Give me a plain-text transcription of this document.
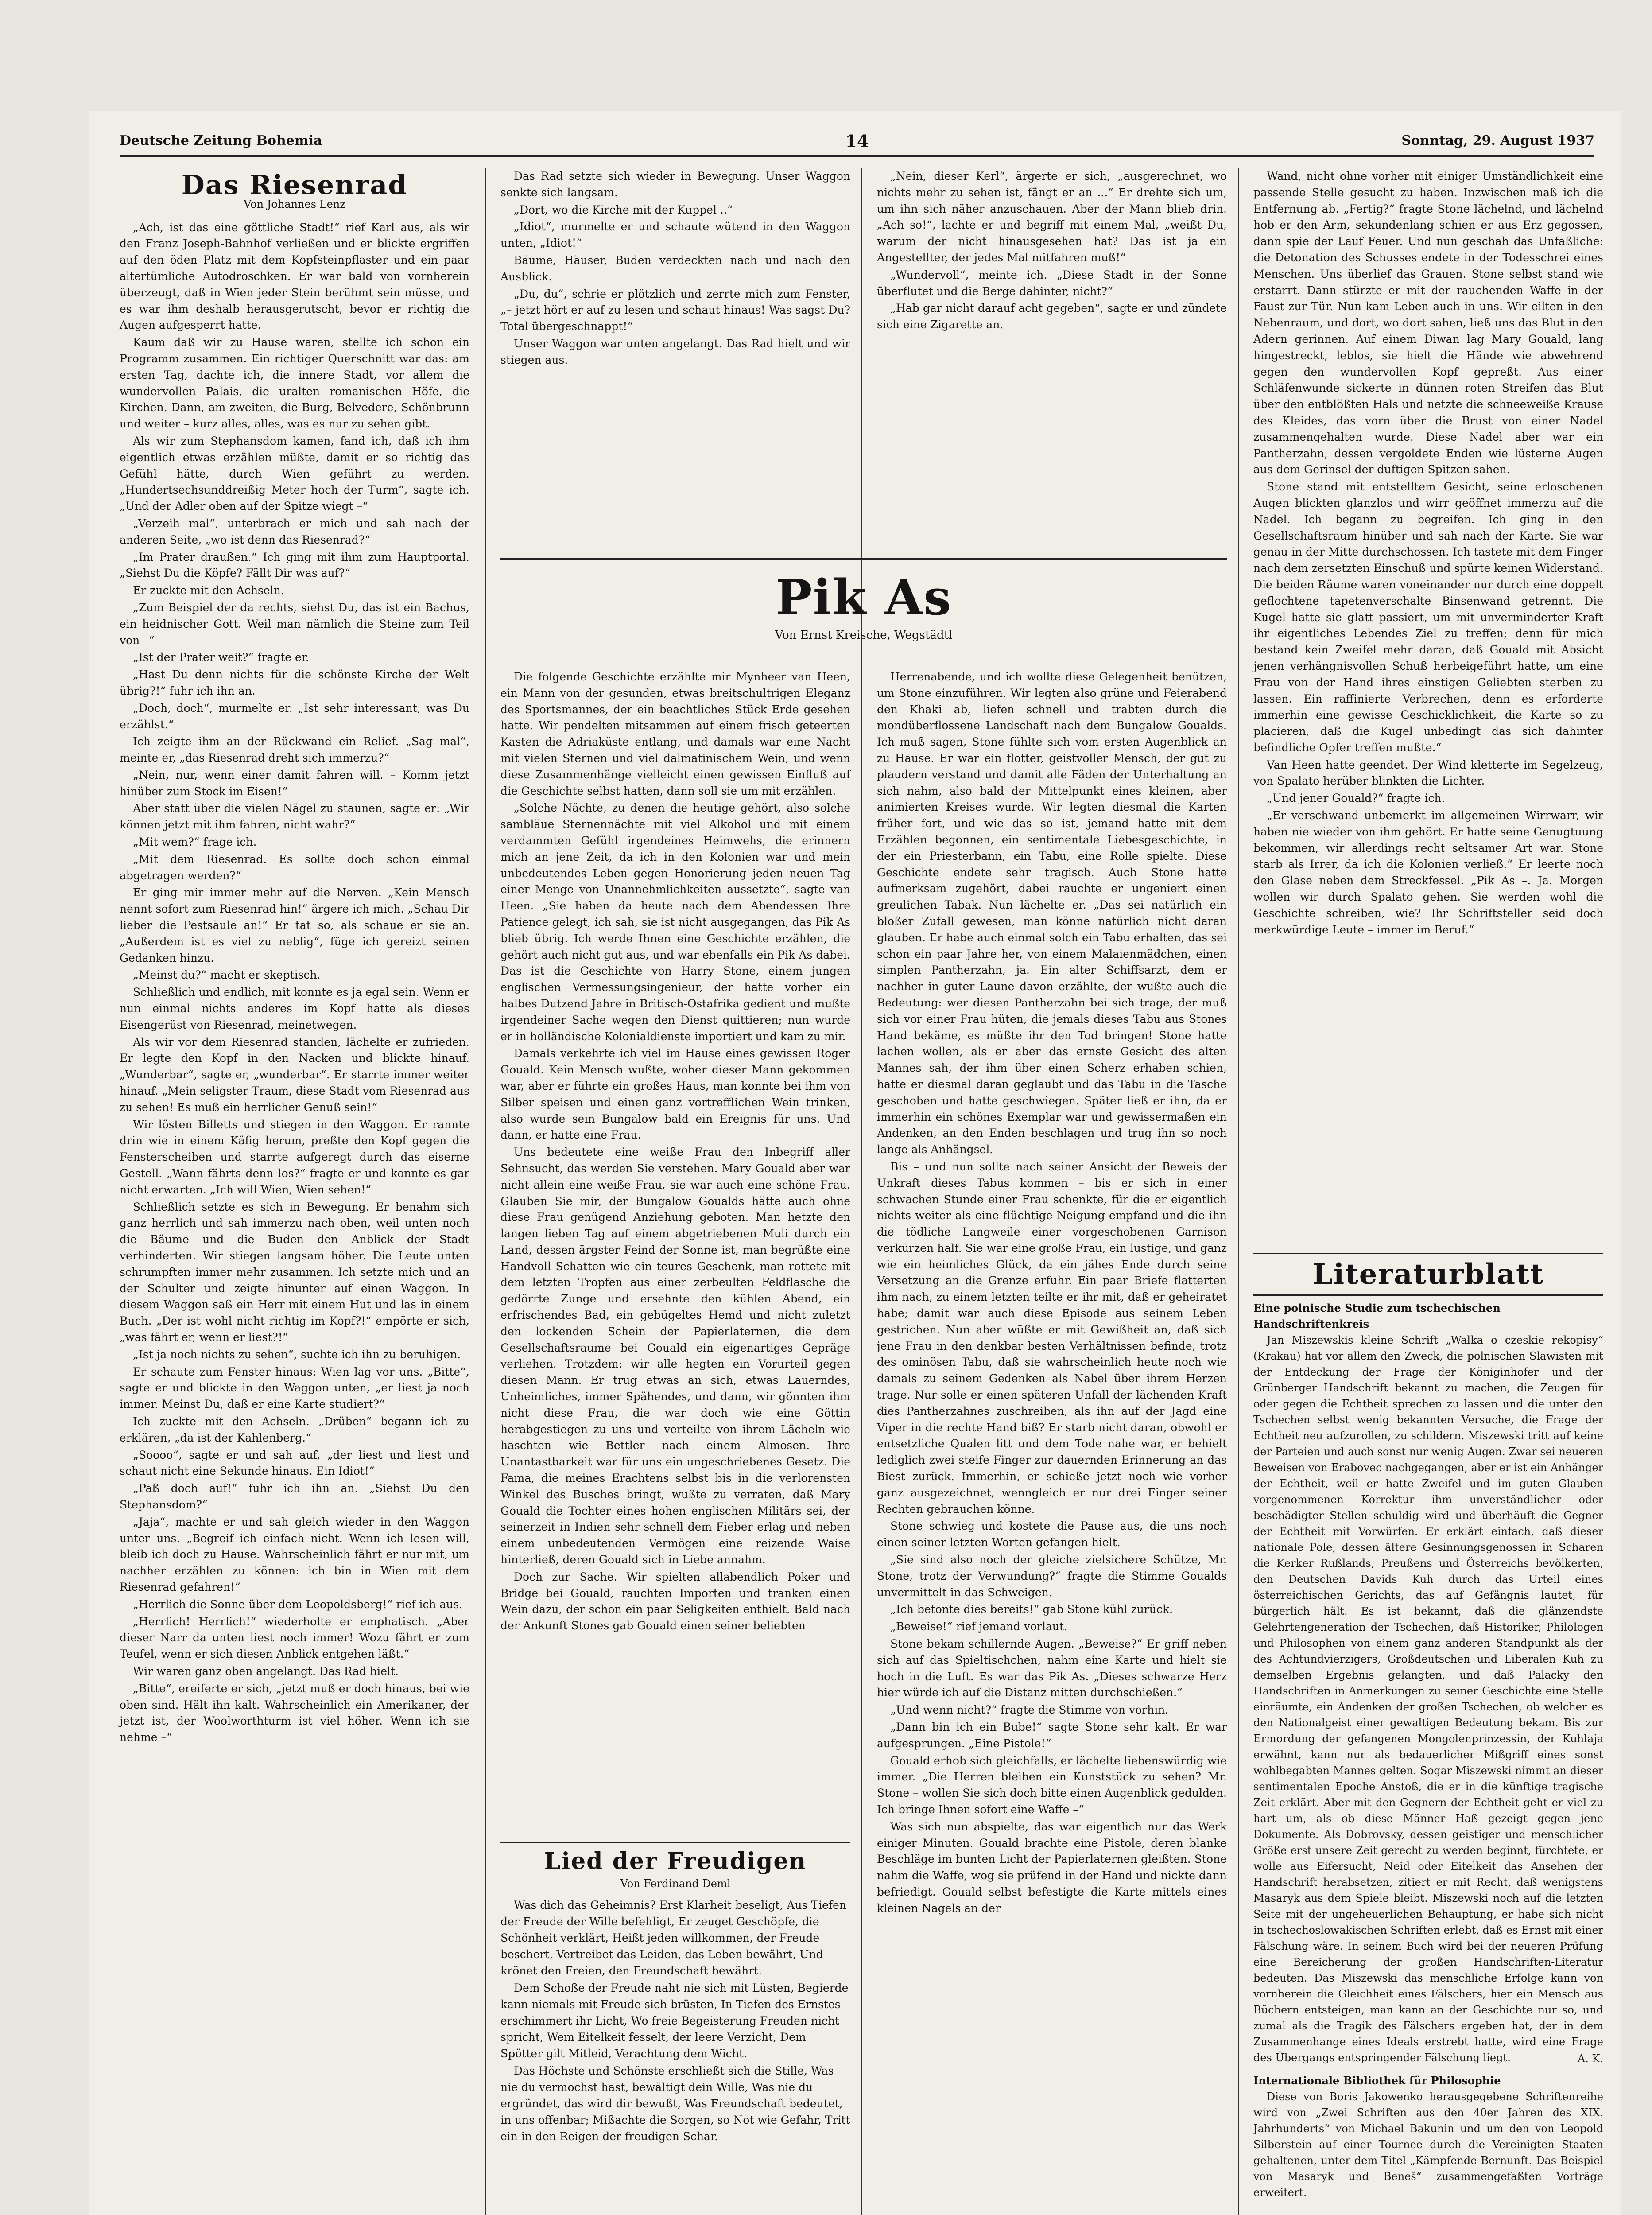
Deutsche Zeitung Bohemia	14	Sonntag, 29. August 1937
Das Riesenrad
Von Johannes Lenz

„Ach, ist das eine göttliche Stadt!“ rief Karl aus, als wir den Franz Joseph-Bahnhof verließen und er blickte ergriffen auf den öden Platz mit dem Kopfsteinpflaster und ein paar altertümliche Autodroschken. Er war bald von vornherein überzeugt, daß in Wien jeder Stein berühmt sein müsse, und es war ihm deshalb herausgerutscht, bevor er richtig die Augen aufgesperrt hatte.

Kaum daß wir zu Hause waren, stellte ich schon ein Programm zusammen. Ein richtiger Querschnitt war das: am ersten Tag, dachte ich, die innere Stadt, vor allem die wundervollen Palais, die uralten romanischen Höfe, die Kirchen. Dann, am zweiten, die Burg, Belvedere, Schönbrunn und weiter – kurz alles, alles, was es nur zu sehen gibt.

Als wir zum Stephansdom kamen, fand ich, daß ich ihm eigentlich etwas erzählen müßte, damit er so richtig das Gefühl hätte, durch Wien geführt zu werden. „Hundertsechsunddreißig Meter hoch der Turm“, sagte ich. „Und der Adler oben auf der Spitze wiegt –“

„Verzeih mal“, unterbrach er mich und sah nach der anderen Seite, „wo ist denn das Riesenrad?“

„Im Prater draußen.“ Ich ging mit ihm zum Hauptportal. „Siehst Du die Köpfe? Fällt Dir was auf?“

Er zuckte mit den Achseln.

„Zum Beispiel der da rechts, siehst Du, das ist ein Bachus, ein heidnischer Gott. Weil man nämlich die Steine zum Teil von –“

„Ist der Prater weit?“ fragte er.

„Hast Du denn nichts für die schönste Kirche der Welt übrig?!“ fuhr ich ihn an.

„Doch, doch“, murmelte er. „Ist sehr interessant, was Du erzählst.“

Ich zeigte ihm an der Rückwand ein Relief. „Sag mal“, meinte er, „das Riesenrad dreht sich immerzu?“

„Nein, nur, wenn einer damit fahren will. – Komm jetzt hinüber zum Stock im Eisen!“

Aber statt über die vielen Nägel zu staunen, sagte er: „Wir können jetzt mit ihm fahren, nicht wahr?“

„Mit wem?“ frage ich.

„Mit dem Riesenrad. Es sollte doch schon einmal abgetragen werden?“

Er ging mir immer mehr auf die Nerven. „Kein Mensch nennt sofort zum Riesenrad hin!“ ärgere ich mich. „Schau Dir lieber die Pestsäule an!“ Er tat so, als schaue er sie an. „Außerdem ist es viel zu neblig“, füge ich gereizt seinen Gedanken hinzu.

„Meinst du?“ macht er skeptisch.

Schließlich und endlich, mit konnte es ja egal sein. Wenn er nun einmal nichts anderes im Kopf hatte als dieses Eisengerüst von Riesenrad, meinetwegen.

Als wir vor dem Riesenrad standen, lächelte er zufrieden. Er legte den Kopf in den Nacken und blickte hinauf. „Wunderbar“, sagte er, „wunderbar“. Er starrte immer weiter hinauf. „Mein seligster Traum, diese Stadt vom Riesenrad aus zu sehen! Es muß ein herrlicher Genuß sein!“

Wir lösten Billetts und stiegen in den Waggon. Er rannte drin wie in einem Käfig herum, preßte den Kopf gegen die Fensterscheiben und starrte aufgeregt durch das eiserne Gestell. „Wann fährts denn los?“ fragte er und konnte es gar nicht erwarten. „Ich will Wien, Wien sehen!“

Schließlich setzte es sich in Bewegung. Er benahm sich ganz herrlich und sah immerzu nach oben, weil unten noch die Bäume und die Buden den Anblick der Stadt verhinderten. Wir stiegen langsam höher. Die Leute unten schrumpften immer mehr zusammen. Ich setzte mich und an der Schulter und zeigte hinunter auf einen Waggon. In diesem Waggon saß ein Herr mit einem Hut und las in einem Buch. „Der ist wohl nicht richtig im Kopf?!“ empörte er sich, „was fährt er, wenn er liest?!“

„Ist ja noch nichts zu sehen“, suchte ich ihn zu beruhigen.

Er schaute zum Fenster hinaus: Wien lag vor uns. „Bitte“, sagte er und blickte in den Waggon unten, „er liest ja noch immer. Meinst Du, daß er eine Karte studiert?“

Ich zuckte mit den Achseln. „Drüben“ begann ich zu erklären, „da ist der Kahlenberg.“

„Soooo“, sagte er und sah auf, „der liest und liest und schaut nicht eine Sekunde hinaus. Ein Idiot!“

„Paß doch auf!“ fuhr ich ihn an. „Siehst Du den Stephansdom?“

„Jaja“, machte er und sah gleich wieder in den Waggon unter uns. „Begreif ich einfach nicht. Wenn ich lesen will, bleib ich doch zu Hause. Wahrscheinlich fährt er nur mit, um nachher erzählen zu können: ich bin in Wien mit dem Riesenrad gefahren!“

„Herrlich die Sonne über dem Leopoldsberg!“ rief ich aus.

„Herrlich! Herrlich!“ wiederholte er emphatisch. „Aber dieser Narr da unten liest noch immer! Wozu fährt er zum Teufel, wenn er sich diesen Anblick entgehen läßt.“

Wir waren ganz oben angelangt. Das Rad hielt.

„Bitte“, ereiferte er sich, „jetzt muß er doch hinaus, bei wie oben sind. Hält ihn kalt. Wahrscheinlich ein Amerikaner, der jetzt ist, der Woolworthturm ist viel höher. Wenn ich sie nehme –“

Das Rad setzte sich wieder in Bewegung. Unser Waggon senkte sich langsam.

„Dort, wo die Kirche mit der Kuppel ..“

„Idiot“, murmelte er und schaute wütend in den Waggon unten, „Idiot!“

Bäume, Häuser, Buden verdeckten nach und nach den Ausblick.

„Du, du“, schrie er plötzlich und zerrte mich zum Fenster, „– jetzt hört er auf zu lesen und schaut hinaus! Was sagst Du? Total übergeschnappt!“

Unser Waggon war unten angelangt. Das Rad hielt und wir stiegen aus.

„Nein, dieser Kerl“, ärgerte er sich, „ausgerechnet, wo nichts mehr zu sehen ist, fängt er an ...“ Er drehte sich um, um ihn sich näher anzuschauen. Aber der Mann blieb drin. „Ach so!“, lachte er und begriff mit einem Mal, „weißt Du, warum der nicht hinausgesehen hat? Das ist ja ein Angestellter, der jedes Mal mitfahren muß!“

„Wundervoll“, meinte ich. „Diese Stadt in der Sonne überflutet und die Berge dahinter, nicht?“

„Hab gar nicht darauf acht gegeben“, sagte er und zündete sich eine Zigarette an.

Pik As
Von Ernst Kreische, Wegstädtl

Die folgende Geschichte erzählte mir Mynheer van Heen, ein Mann von der gesunden, etwas breitschultrigen Eleganz des Sportsmannes, der ein beachtliches Stück Erde gesehen hatte. Wir pendelten mitsammen auf einem frisch geteerten Kasten die Adriaküste entlang, und damals war eine Nacht mit vielen Sternen und viel dalmatinischem Wein, und wenn diese Zusammenhänge vielleicht einen gewissen Einfluß auf die Geschichte selbst hatten, dann soll sie um mit erzählen.

„Solche Nächte, zu denen die heutige gehört, also solche sambläue Sternennächte mit viel Alkohol und mit einem verdammten Gefühl irgendeines Heimwehs, die erinnern mich an jene Zeit, da ich in den Kolonien war und mein unbedeutendes Leben gegen Honorierung jeden neuen Tag einer Menge von Unannehmlichkeiten aussetzte“, sagte van Heen. „Sie haben da heute nach dem Abendessen Ihre Patience gelegt, ich sah, sie ist nicht ausgegangen, das Pik As blieb übrig. Ich werde Ihnen eine Geschichte erzählen, die gehört auch nicht gut aus, und war ebenfalls ein Pik As dabei. Das ist die Geschichte von Harry Stone, einem jungen englischen Vermessungsingenieur, der hatte vorher ein halbes Dutzend Jahre in Britisch-Ostafrika gedient und mußte irgendeiner Sache wegen den Dienst quittieren; nun wurde er in holländische Kolonialdienste importiert und kam zu mir.

Damals verkehrte ich viel im Hause eines gewissen Roger Gouald. Kein Mensch wußte, woher dieser Mann gekommen war, aber er führte ein großes Haus, man konnte bei ihm von Silber speisen und einen ganz vortrefflichen Wein trinken, also wurde sein Bungalow bald ein Ereignis für uns. Und dann, er hatte eine Frau.

Uns bedeutete eine weiße Frau den Inbegriff aller Sehnsucht, das werden Sie verstehen. Mary Gouald aber war nicht allein eine weiße Frau, sie war auch eine schöne Frau. Glauben Sie mir, der Bungalow Goualds hätte auch ohne diese Frau genügend Anziehung geboten. Man hetzte den langen lieben Tag auf einem abgetriebenen Muli durch ein Land, dessen ärgster Feind der Sonne ist, man begrüßte eine Handvoll Schatten wie ein teures Geschenk, man rottete mit dem letzten Tropfen aus einer zerbeulten Feldflasche die gedörrte Zunge und ersehnte den kühlen Abend, ein erfrischendes Bad, ein gebügeltes Hemd und nicht zuletzt den lockenden Schein der Papierlaternen, die dem Gesellschaftsraume bei Gouald ein eigenartiges Gepräge verliehen. Trotzdem: wir alle hegten ein Vorurteil gegen diesen Mann. Er trug etwas an sich, etwas Lauerndes, Unheimliches, immer Spähendes, und dann, wir gönnten ihm nicht diese Frau, die war doch wie eine Göttin herabgestiegen zu uns und verteilte von ihrem Lächeln wie haschten wie Bettler nach einem Almosen. Ihre Unantastbarkeit war für uns ein ungeschriebenes Gesetz. Die Fama, die meines Erachtens selbst bis in die verlorensten Winkel des Busches bringt, wußte zu verraten, daß Mary Gouald die Tochter eines hohen englischen Militärs sei, der seinerzeit in Indien sehr schnell dem Fieber erlag und neben einem unbedeutenden Vermögen eine reizende Waise hinterließ, deren Gouald sich in Liebe annahm.

Doch zur Sache. Wir spielten allabendlich Poker und Bridge bei Gouald, rauchten Importen und tranken einen Wein dazu, der schon ein paar Seligkeiten enthielt. Bald nach der Ankunft Stones gab Gouald einen seiner beliebten

Herrenabende, und ich wollte diese Gelegenheit benützen, um Stone einzuführen. Wir legten also grüne und Feierabend den Khaki ab, liefen schnell und trabten durch die mondüberflossene Landschaft nach dem Bungalow Goualds. Ich muß sagen, Stone fühlte sich vom ersten Augenblick an zu Hause. Er war ein flotter, geistvoller Mensch, der gut zu plaudern verstand und damit alle Fäden der Unterhaltung an sich nahm, also bald der Mittelpunkt eines kleinen, aber animierten Kreises wurde. Wir legten diesmal die Karten früher fort, und wie das so ist, jemand hatte mit dem Erzählen begonnen, ein sentimentale Liebesgeschichte, in der ein Priesterbann, ein Tabu, eine Rolle spielte. Diese Geschichte endete sehr tragisch. Auch Stone hatte aufmerksam zugehört, dabei rauchte er ungeniert einen greulichen Tabak. Nun lächelte er. „Das sei natürlich ein bloßer Zufall gewesen, man könne natürlich nicht daran glauben. Er habe auch einmal solch ein Tabu erhalten, das sei schon ein paar Jahre her, von einem Malaienmädchen, einen simplen Pantherzahn, ja. Ein alter Schiffsarzt, dem er nachher in guter Laune davon erzählte, der wußte auch die Bedeutung: wer diesen Pantherzahn bei sich trage, der muß sich vor einer Frau hüten, die jemals dieses Tabu aus Stones Hand bekäme, es müßte ihr den Tod bringen! Stone hatte lachen wollen, als er aber das ernste Gesicht des alten Mannes sah, der ihm über einen Scherz erhaben schien, hatte er diesmal daran geglaubt und das Tabu in die Tasche geschoben und hatte geschwiegen. Später ließ er ihn, da er immerhin ein schönes Exemplar war und gewissermaßen ein Andenken, an den Enden beschlagen und trug ihn so noch lange als Anhängsel.

Bis – und nun sollte nach seiner Ansicht der Beweis der Unkraft dieses Tabus kommen – bis er sich in einer schwachen Stunde einer Frau schenkte, für die er eigentlich nichts weiter als eine flüchtige Neigung empfand und die ihn die tödliche Langweile einer vorgeschobenen Garnison verkürzen half. Sie war eine große Frau, ein lustige, und ganz wie ein heimliches Glück, da ein jähes Ende durch seine Versetzung an die Grenze erfuhr. Ein paar Briefe flatterten ihm nach, zu einem letzten teilte er ihr mit, daß er geheiratet habe; damit war auch diese Episode aus seinem Leben gestrichen. Nun aber wüßte er mit Gewißheit an, daß sich jene Frau in den denkbar besten Verhältnissen befinde, trotz des ominösen Tabu, daß sie wahrscheinlich heute noch wie damals zu seinem Gedenken als Nabel über ihrem Herzen trage. Nur solle er einen späteren Unfall der lächenden Kraft dies Pantherzahnes zuschreiben, als ihn auf der Jagd eine Viper in die rechte Hand biß? Er starb nicht daran, obwohl er entsetzliche Qualen litt und dem Tode nahe war, er behielt lediglich zwei steife Finger zur dauernden Erinnerung an das Biest zurück. Immerhin, er schieße jetzt noch wie vorher ganz ausgezeichnet, wenngleich er nur drei Finger seiner Rechten gebrauchen könne.

Stone schwieg und kostete die Pause aus, die uns noch einen seiner letzten Worten gefangen hielt.

„Sie sind also noch der gleiche zielsichere Schütze, Mr. Stone, trotz der Verwundung?“ fragte die Stimme Goualds unvermittelt in das Schweigen.

„Ich betonte dies bereits!“ gab Stone kühl zurück.

„Beweise!“ rief jemand vorlaut.

Stone bekam schillernde Augen. „Beweise?“ Er griff neben sich auf das Spieltischchen, nahm eine Karte und hielt sie hoch in die Luft. Es war das Pik As. „Dieses schwarze Herz hier würde ich auf die Distanz mitten durchschießen.“

„Und wenn nicht?“ fragte die Stimme von vorhin.

„Dann bin ich ein Bube!“ sagte Stone sehr kalt. Er war aufgesprungen. „Eine Pistole!“

Gouald erhob sich gleichfalls, er lächelte liebenswürdig wie immer. „Die Herren bleiben ein Kunststück zu sehen? Mr. Stone – wollen Sie sich doch bitte einen Augenblick gedulden. Ich bringe Ihnen sofort eine Waffe –“

Was sich nun abspielte, das war eigentlich nur das Werk einiger Minuten. Gouald brachte eine Pistole, deren blanke Beschläge im bunten Licht der Papierlaternen gleißten. Stone nahm die Waffe, wog sie prüfend in der Hand und nickte dann befriedigt. Gouald selbst befestigte die Karte mittels eines kleinen Nagels an der

Lied der Freudigen
Von Ferdinand Deml

Was dich das Geheimnis? Erst Klarheit beseligt, Aus Tiefen der Freude der Wille befehligt, Er zeuget Geschöpfe, die Schönheit verklärt, Heißt jeden willkommen, der Freude beschert, Vertreibet das Leiden, das Leben bewährt, Und krönet den Freien, den Freundschaft bewährt.

Dem Schoße der Freude naht nie sich mit Lüsten, Begierde kann niemals mit Freude sich brüsten, In Tiefen des Ernstes erschimmert ihr Licht, Wo freie Begeisterung Freuden nicht spricht, Wem Eitelkeit fesselt, der leere Verzicht, Dem Spötter gilt Mitleid, Verachtung dem Wicht.

Das Höchste und Schönste erschließt sich die Stille, Was nie du vermochst hast, bewältigt dein Wille, Was nie du ergründet, das wird dir bewußt, Was Freundschaft bedeutet, in uns offenbar; Mißachte die Sorgen, so Not wie Gefahr, Tritt ein in den Reigen der freudigen Schar.

Wand, nicht ohne vorher mit einiger Umständlichkeit eine passende Stelle gesucht zu haben. Inzwischen maß ich die Entfernung ab. „Fertig?“ fragte Stone lächelnd, und lächelnd hob er den Arm, sekundenlang schien er aus Erz gegossen, dann spie der Lauf Feuer. Und nun geschah das Unfaßliche: die Detonation des Schusses endete in der Todesschrei eines Menschen. Uns überlief das Grauen. Stone selbst stand wie erstarrt. Dann stürzte er mit der rauchenden Waffe in der Faust zur Tür. Nun kam Leben auch in uns. Wir eilten in den Nebenraum, und dort, wo dort sahen, ließ uns das Blut in den Adern gerinnen. Auf einem Diwan lag Mary Gouald, lang hingestreckt, leblos, sie hielt die Hände wie abwehrend gegen den wundervollen Kopf gepreßt. Aus einer Schläfenwunde sickerte in dünnen roten Streifen das Blut über den entblößten Hals und netzte die schneeweiße Krause des Kleides, das vorn über die Brust von einer Nadel zusammengehalten wurde. Diese Nadel aber war ein Pantherzahn, dessen vergoldete Enden wie lüsterne Augen aus dem Gerinsel der duftigen Spitzen sahen.

Stone stand mit entstelltem Gesicht, seine erloschenen Augen blickten glanzlos und wirr geöffnet immerzu auf die Nadel. Ich begann zu begreifen. Ich ging in den Gesellschaftsraum hinüber und sah nach der Karte. Sie war genau in der Mitte durchschossen. Ich tastete mit dem Finger nach dem zersetzten Einschuß und spürte keinen Widerstand. Die beiden Räume waren voneinander nur durch eine doppelt geflochtene tapetenverschalte Binsenwand getrennt. Die Kugel hatte sie glatt passiert, um mit unverminderter Kraft ihr eigentliches Lebendes Ziel zu treffen; denn für mich bestand kein Zweifel mehr daran, daß Gouald mit Absicht jenen verhängnisvollen Schuß herbeigeführt hatte, um eine Frau von der Hand ihres einstigen Geliebten sterben zu lassen. Ein raffinierte Verbrechen, denn es erforderte immerhin eine gewisse Geschicklichkeit, die Karte so zu placieren, daß die Kugel unbedingt das sich dahinter befindliche Opfer treffen mußte.“

Van Heen hatte geendet. Der Wind kletterte im Segelzeug, von Spalato herüber blinkten die Lichter.

„Und jener Gouald?“ fragte ich.

„Er verschwand unbemerkt im allgemeinen Wirrwarr, wir haben nie wieder von ihm gehört. Er hatte seine Genugtuung bekommen, wir allerdings recht seltsamer Art war. Stone starb als Irrer, da ich die Kolonien verließ.“ Er leerte noch den Glase neben dem Streckfessel. „Pik As –. Ja. Morgen wollen wir durch Spalato gehen. Sie werden wohl die Geschichte schreiben, wie? Ihr Schriftsteller seid doch merkwürdige Leute – immer im Beruf.“

Literaturblatt
Eine polnische Studie zum tschechischen Handschriftenkreis
Jan Miszewskis kleine Schrift „Walka o czeskie rekopisy“ (Krakau) hat vor allem den Zweck, die polnischen Slawisten mit der Entdeckung der Frage der Königinhofer und der Grünberger Handschrift bekannt zu machen, die Zeugen für oder gegen die Echtheit sprechen zu lassen und die unter den Tschechen selbst wenig bekannten Versuche, die Frage der Echtheit neu aufzurollen, zu schildern. Miszewski tritt auf keine der Parteien und auch sonst nur wenig Augen. Zwar sei neueren Beweisen von Erabovec nachgegangen, aber er ist ein Anhänger der Echtheit, weil er hatte Zweifel und im guten Glauben vorgenommenen Korrektur ihm unverständlicher oder beschädigter Stellen schuldig wird und überhäuft die Gegner der Echtheit mit Vorwürfen. Er erklärt einfach, daß dieser nationale Pole, dessen ältere Gesinnungsgenossen in Scharen die Kerker Rußlands, Preußens und Österreichs bevölkerten, den Deutschen Davids Kuh durch das Urteil eines österreichischen Gerichts, das auf Gefängnis lautet, für bürgerlich hält. Es ist bekannt, daß die glänzendste Gelehrtengeneration der Tschechen, daß Historiker, Philologen und Philosophen von einem ganz anderen Standpunkt als der des Achtundvierzigers, Großdeutschen und Liberalen Kuh zu demselben Ergebnis gelangten, und daß Palacky den Handschriften in Anmerkungen zu seiner Geschichte eine Stelle einräumte, ein Andenken der großen Tschechen, ob welcher es den Nationalgeist einer gewaltigen Bedeutung bekam. Bis zur Ermordung der gefangenen Mongolenprinzessin, der Kuhlaja erwähnt, kann nur als bedauerlicher Mißgriff eines sonst wohlbegabten Mannes gelten. Sogar Miszewski nimmt an dieser sentimentalen Epoche Anstoß, die er in die künftige tragische Zeit erklärt. Aber mit den Gegnern der Echtheit geht er viel zu hart um, als ob diese Männer Haß gezeigt gegen jene Dokumente. Als Dobrovsky, dessen geistiger und menschlicher Größe erst unsere Zeit gerecht zu werden beginnt, fürchtete, er wolle aus Eifersucht, Neid oder Eitelkeit das Ansehen der Handschrift herabsetzen, zitiert er mit Recht, daß wenigstens Masaryk aus dem Spiele bleibt. Miszewski noch auf die letzten Seite mit der ungeheuerlichen Behauptung, er habe sich nicht in tschechoslowakischen Schriften erlebt, daß es Ernst mit einer Fälschung wäre. In seinem Buch wird bei der neueren Prüfung eine Bereicherung der großen Handschriften-Literatur bedeuten. Das Miszewski das menschliche Erfolge kann von vornherein die Gleichheit eines Fälschers, hier ein Mensch aus Büchern entsteigen, man kann an der Geschichte nur so, und zumal als die Tragik des Fälschers ergeben hat, der in dem Zusammenhange eines Ideals erstrebt hatte, wird eine Frage des Übergangs entspringender Fälschung liegt.	A. K.
Internationale Bibliothek für Philosophie
Diese von Boris Jakowenko herausgegebene Schriftenreihe wird von „Zwei Schriften aus den 40er Jahren des XIX. Jahrhunderts“ von Michael Bakunin und um den von Leopold Silberstein auf einer Tournee durch die Vereinigten Staaten gehaltenen, unter dem Titel „Kämpfende Bernunft. Das Beispiel von Masaryk und Beneš“ zusammengefaßten Vorträge erweitert.
